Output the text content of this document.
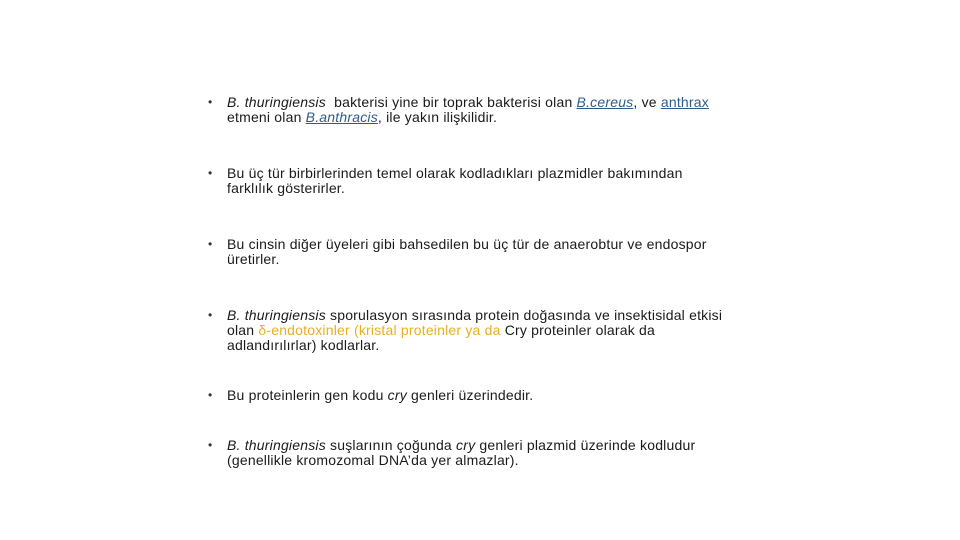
• B. thuringiensis  bakterisi yine bir toprak bakterisi olan B.cereus, ve anthrax etmeni olan B.anthracis, ile yakın ilişkilidir.
• Bu üç tür birbirlerinden temel olarak kodladıkları plazmidler bakımından farklılık gösterirler.
• Bu cinsin diğer üyeleri gibi bahsedilen bu üç tür de anaerobtur ve endospor üretirler.
• B. thuringiensis sporulasyon sırasında protein doğasında ve insektisidal etkisi olan δ-endotoxinler (kristal proteinler ya da Cry proteinler olarak da adlandırılırlar) kodlarlar.
• Bu proteinlerin gen kodu cry genleri üzerindedir.
• B. thuringiensis suşlarının çoğunda cry genleri plazmid üzerinde kodludur (genellikle kromozomal DNA’da yer almazlar).
